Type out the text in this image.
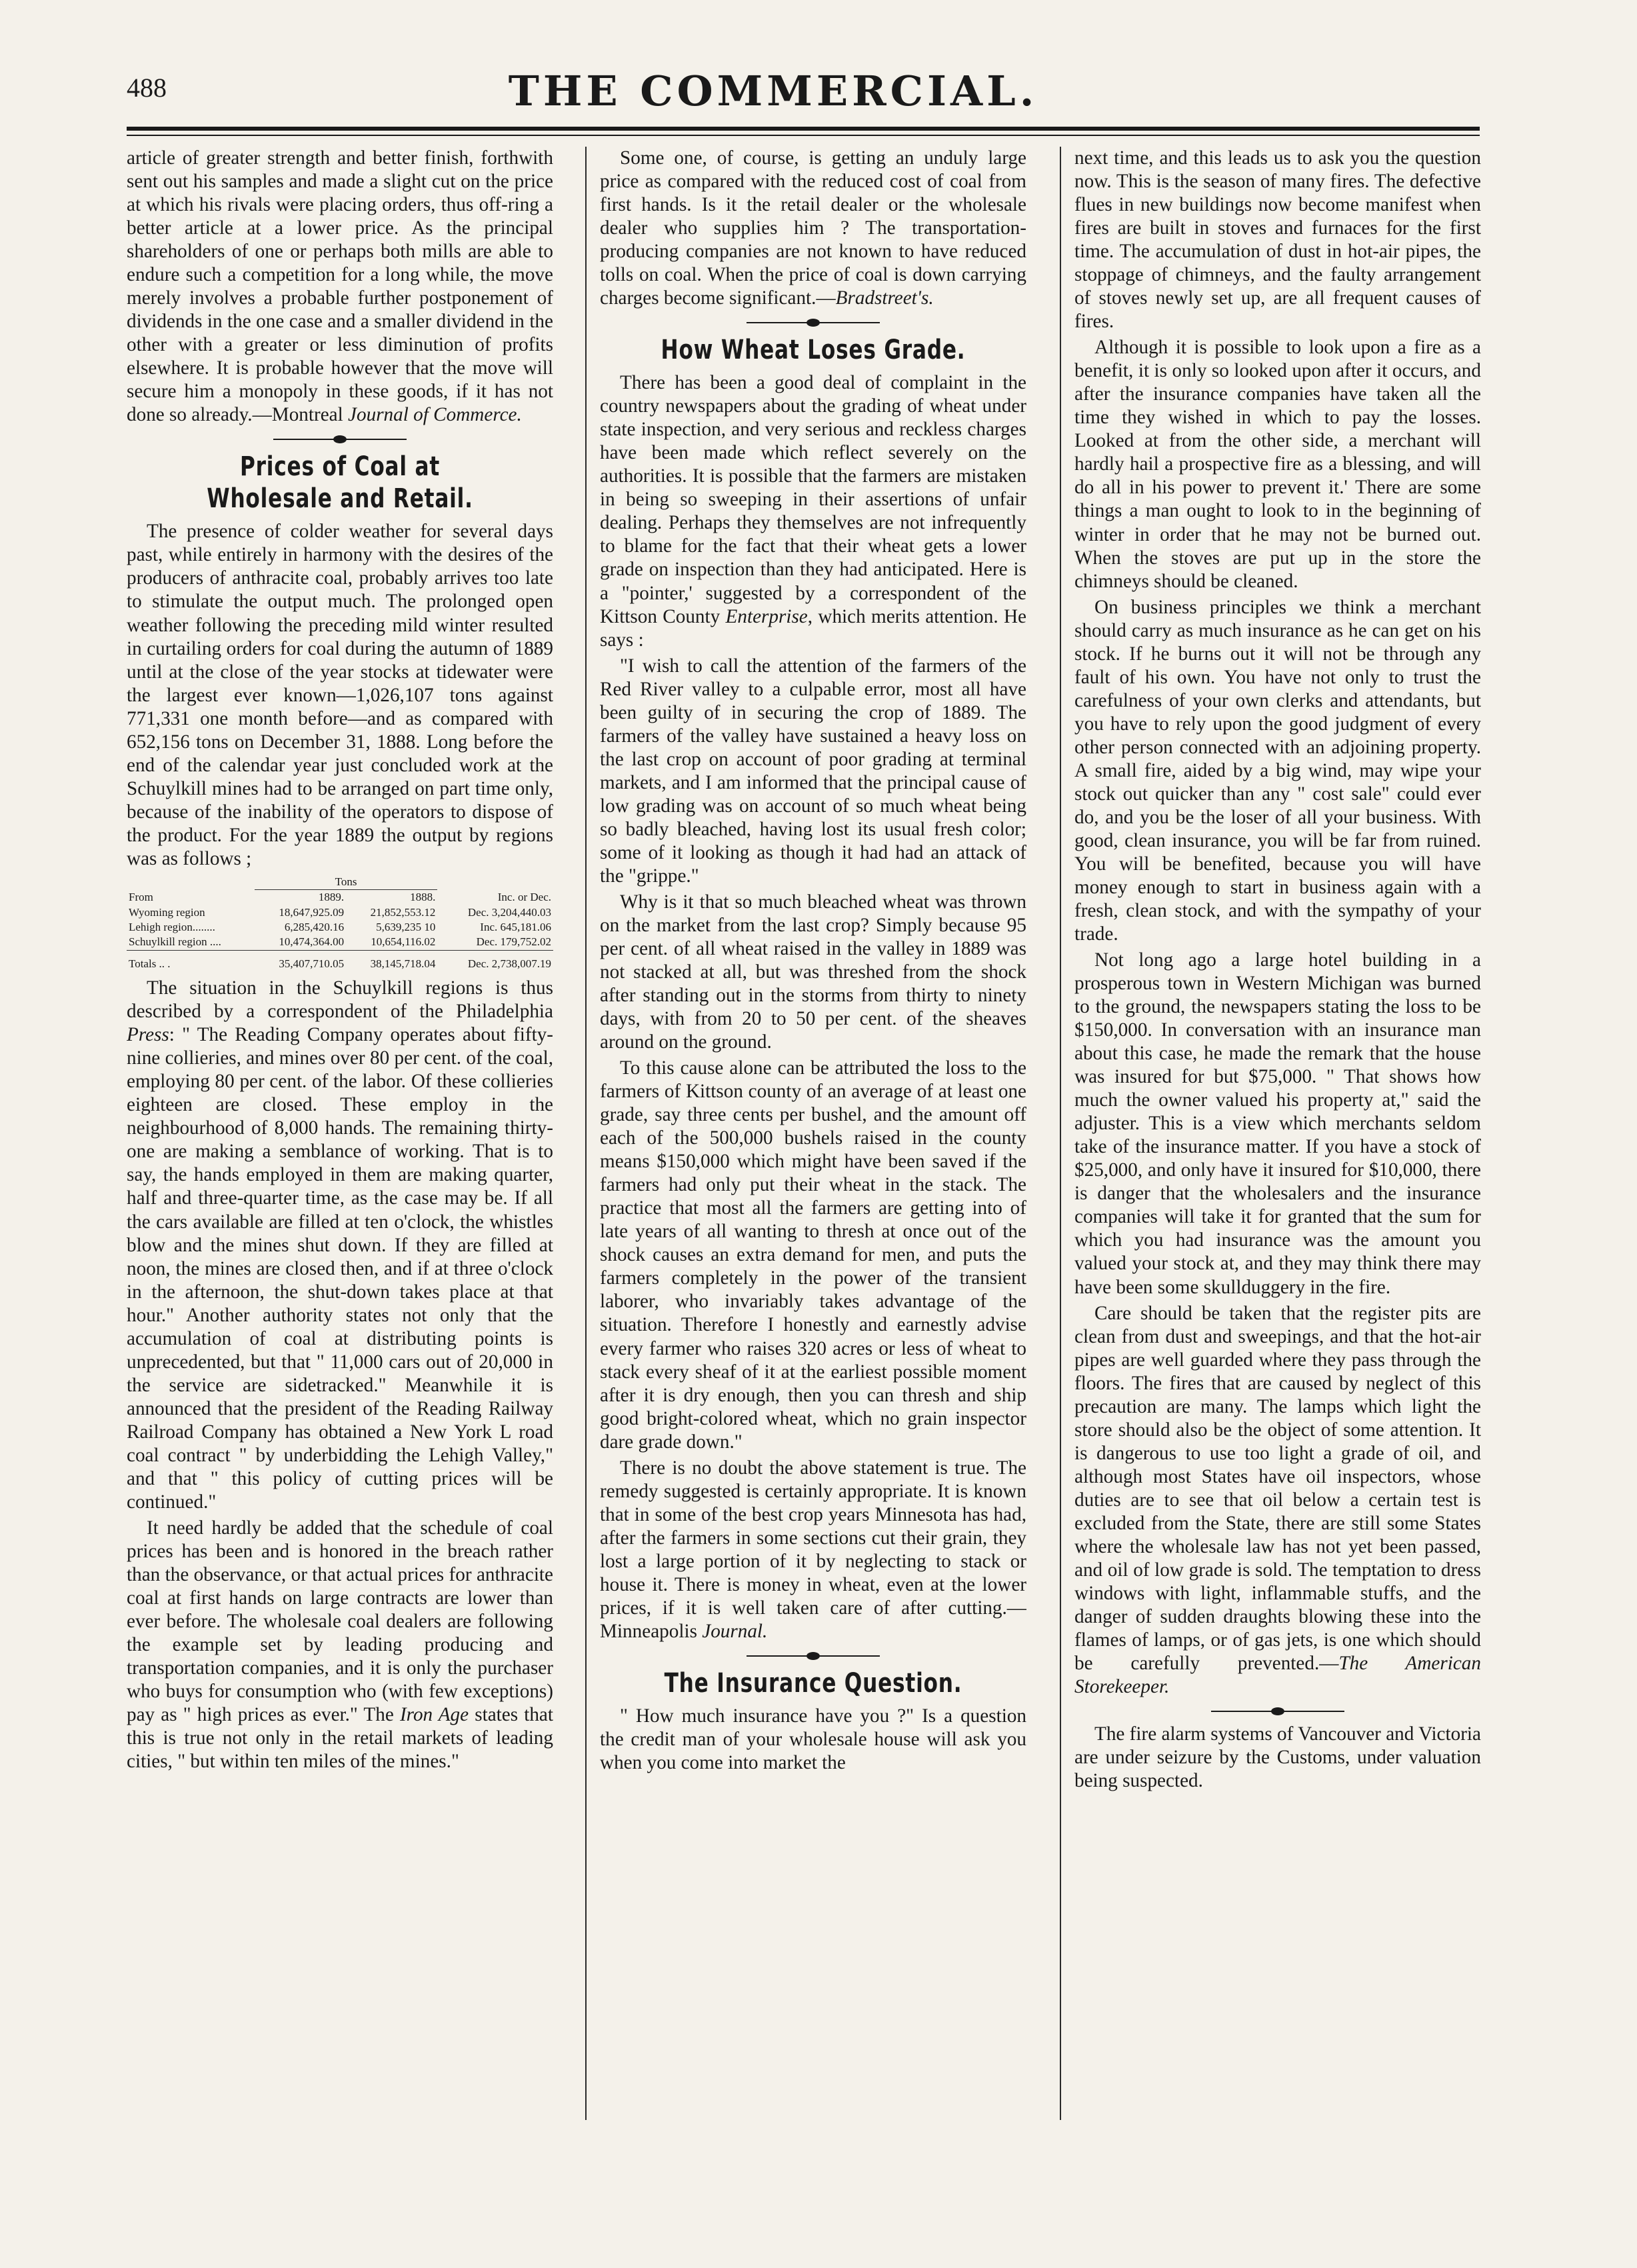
488	THE COMMERCIAL.

article of greater strength and better finish, forthwith sent out his samples and made a slight cut on the price at which his rivals were placing orders, thus off-ring a better article at a lower price. As the principal shareholders of one or perhaps both mills are able to endure such a competition for a long while, the move merely involves a probable further postponement of dividends in the one case and a smaller dividend in the other with a greater or less diminution of profits elsewhere. It is probable however that the move will secure him a monopoly in these goods, if it has not done so already.—Montreal Journal of Commerce.

Prices of Coal at Wholesale and Retail.

The presence of colder weather for several days past, while entirely in harmony with the desires of the producers of anthracite coal, probably arrives too late to stimulate the output much. The prolonged open weather following the preceding mild winter resulted in curtailing orders for coal during the autumn of 1889 until at the close of the year stocks at tidewater were the largest ever known—1,026,107 tons against 771,331 one month before—and as compared with 652,156 tons on December 31, 1888. Long before the end of the calendar year just concluded work at the Schuylkill mines had to be arranged on part time only, because of the inability of the operators to dispose of the product. For the year 1889 the output by regions was as follows ;

	Tons		
From	1889.	1888.	Inc. or Dec.
Wyoming region	18,647,925.09	21,852,553.12	Dec. 3,204,440.03
Lehigh region........	6,285,420.16	5,639,235 10	Inc. 645,181.06
Schuylkill region ....	10,474,364.00	10,654,116.02	Dec. 179,752.02
Totals .. .	35,407,710.05	38,145,718.04	Dec. 2,738,007.19

The situation in the Schuylkill regions is thus described by a correspondent of the Philadelphia Press: " The Reading Company operates about fifty-nine collieries, and mines over 80 per cent. of the coal, employing 80 per cent. of the labor. Of these collieries eighteen are closed. These employ in the neighbourhood of 8,000 hands. The remaining thirty-one are making a semblance of working. That is to say, the hands employed in them are making quarter, half and three-quarter time, as the case may be. If all the cars available are filled at ten o'clock, the whistles blow and the mines shut down. If they are filled at noon, the mines are closed then, and if at three o'clock in the afternoon, the shut-down takes place at that hour." Another authority states not only that the accumulation of coal at distributing points is unprecedented, but that " 11,000 cars out of 20,000 in the service are sidetracked." Meanwhile it is announced that the president of the Reading Railway Railroad Company has obtained a New York L road coal contract " by underbidding the Lehigh Valley," and that " this policy of cutting prices will be continued."

It need hardly be added that the schedule of coal prices has been and is honored in the breach rather than the observance, or that actual prices for anthracite coal at first hands on large contracts are lower than ever before. The wholesale coal dealers are following the example set by leading producing and transportation companies, and it is only the purchaser who buys for consumption who (with few exceptions) pay as " high prices as ever." The Iron Age states that this is true not only in the retail markets of leading cities, " but within ten miles of the mines."

Some one, of course, is getting an unduly large price as compared with the reduced cost of coal from first hands. Is it the retail dealer or the wholesale dealer who supplies him ? The transportation-producing companies are not known to have reduced tolls on coal. When the price of coal is down carrying charges become significant.—Bradstreet's.

How Wheat Loses Grade.

There has been a good deal of complaint in the country newspapers about the grading of wheat under state inspection, and very serious and reckless charges have been made which reflect severely on the authorities. It is possible that the farmers are mistaken in being so sweeping in their assertions of unfair dealing. Perhaps they themselves are not infrequently to blame for the fact that their wheat gets a lower grade on inspection than they had anticipated. Here is a "pointer,' suggested by a correspondent of the Kittson County Enterprise, which merits attention. He says :

"I wish to call the attention of the farmers of the Red River valley to a culpable error, most all have been guilty of in securing the crop of 1889. The farmers of the valley have sustained a heavy loss on the last crop on account of poor grading at terminal markets, and I am informed that the principal cause of low grading was on account of so much wheat being so badly bleached, having lost its usual fresh color; some of it looking as though it had had an attack of the "grippe."

Why is it that so much bleached wheat was thrown on the market from the last crop? Simply because 95 per cent. of all wheat raised in the valley in 1889 was not stacked at all, but was threshed from the shock after standing out in the storms from thirty to ninety days, with from 20 to 50 per cent. of the sheaves around on the ground.

To this cause alone can be attributed the loss to the farmers of Kittson county of an average of at least one grade, say three cents per bushel, and the amount off each of the 500,000 bushels raised in the county means $150,000 which might have been saved if the farmers had only put their wheat in the stack. The practice that most all the farmers are getting into of late years of all wanting to thresh at once out of the shock causes an extra demand for men, and puts the farmers completely in the power of the transient laborer, who invariably takes advantage of the situation. Therefore I honestly and earnestly advise every farmer who raises 320 acres or less of wheat to stack every sheaf of it at the earliest possible moment after it is dry enough, then you can thresh and ship good bright-colored wheat, which no grain inspector dare grade down."

There is no doubt the above statement is true. The remedy suggested is certainly appropriate. It is known that in some of the best crop years Minnesota has had, after the farmers in some sections cut their grain, they lost a large portion of it by neglecting to stack or house it. There is money in wheat, even at the lower prices, if it is well taken care of after cutting.—Minneapolis Journal.

The Insurance Question.

" How much insurance have you ?" Is a question the credit man of your wholesale house will ask you when you come into market the

next time, and this leads us to ask you the question now. This is the season of many fires. The defective flues in new buildings now become manifest when fires are built in stoves and furnaces for the first time. The accumulation of dust in hot-air pipes, the stoppage of chimneys, and the faulty arrangement of stoves newly set up, are all frequent causes of fires.

Although it is possible to look upon a fire as a benefit, it is only so looked upon after it occurs, and after the insurance companies have taken all the time they wished in which to pay the losses. Looked at from the other side, a merchant will hardly hail a prospective fire as a blessing, and will do all in his power to prevent it.' There are some things a man ought to look to in the beginning of winter in order that he may not be burned out. When the stoves are put up in the store the chimneys should be cleaned.

On business principles we think a merchant should carry as much insurance as he can get on his stock. If he burns out it will not be through any fault of his own. You have not only to trust the carefulness of your own clerks and attendants, but you have to rely upon the good judgment of every other person connected with an adjoining property. A small fire, aided by a big wind, may wipe your stock out quicker than any " cost sale" could ever do, and you be the loser of all your business. With good, clean insurance, you will be far from ruined. You will be benefited, because you will have money enough to start in business again with a fresh, clean stock, and with the sympathy of your trade.

Not long ago a large hotel building in a prosperous town in Western Michigan was burned to the ground, the newspapers stating the loss to be $150,000. In conversation with an insurance man about this case, he made the remark that the house was insured for but $75,000. " That shows how much the owner valued his property at," said the adjuster. This is a view which merchants seldom take of the insurance matter. If you have a stock of $25,000, and only have it insured for $10,000, there is danger that the wholesalers and the insurance companies will take it for granted that the sum for which you had insurance was the amount you valued your stock at, and they may think there may have been some skullduggery in the fire.

Care should be taken that the register pits are clean from dust and sweepings, and that the hot-air pipes are well guarded where they pass through the floors. The fires that are caused by neglect of this precaution are many. The lamps which light the store should also be the object of some attention. It is dangerous to use too light a grade of oil, and although most States have oil inspectors, whose duties are to see that oil below a certain test is excluded from the State, there are still some States where the wholesale law has not yet been passed, and oil of low grade is sold. The temptation to dress windows with light, inflammable stuffs, and the danger of sudden draughts blowing these into the flames of lamps, or of gas jets, is one which should be carefully prevented.—The American Storekeeper.

The fire alarm systems of Vancouver and Victoria are under seizure by the Customs, under valuation being suspected.
